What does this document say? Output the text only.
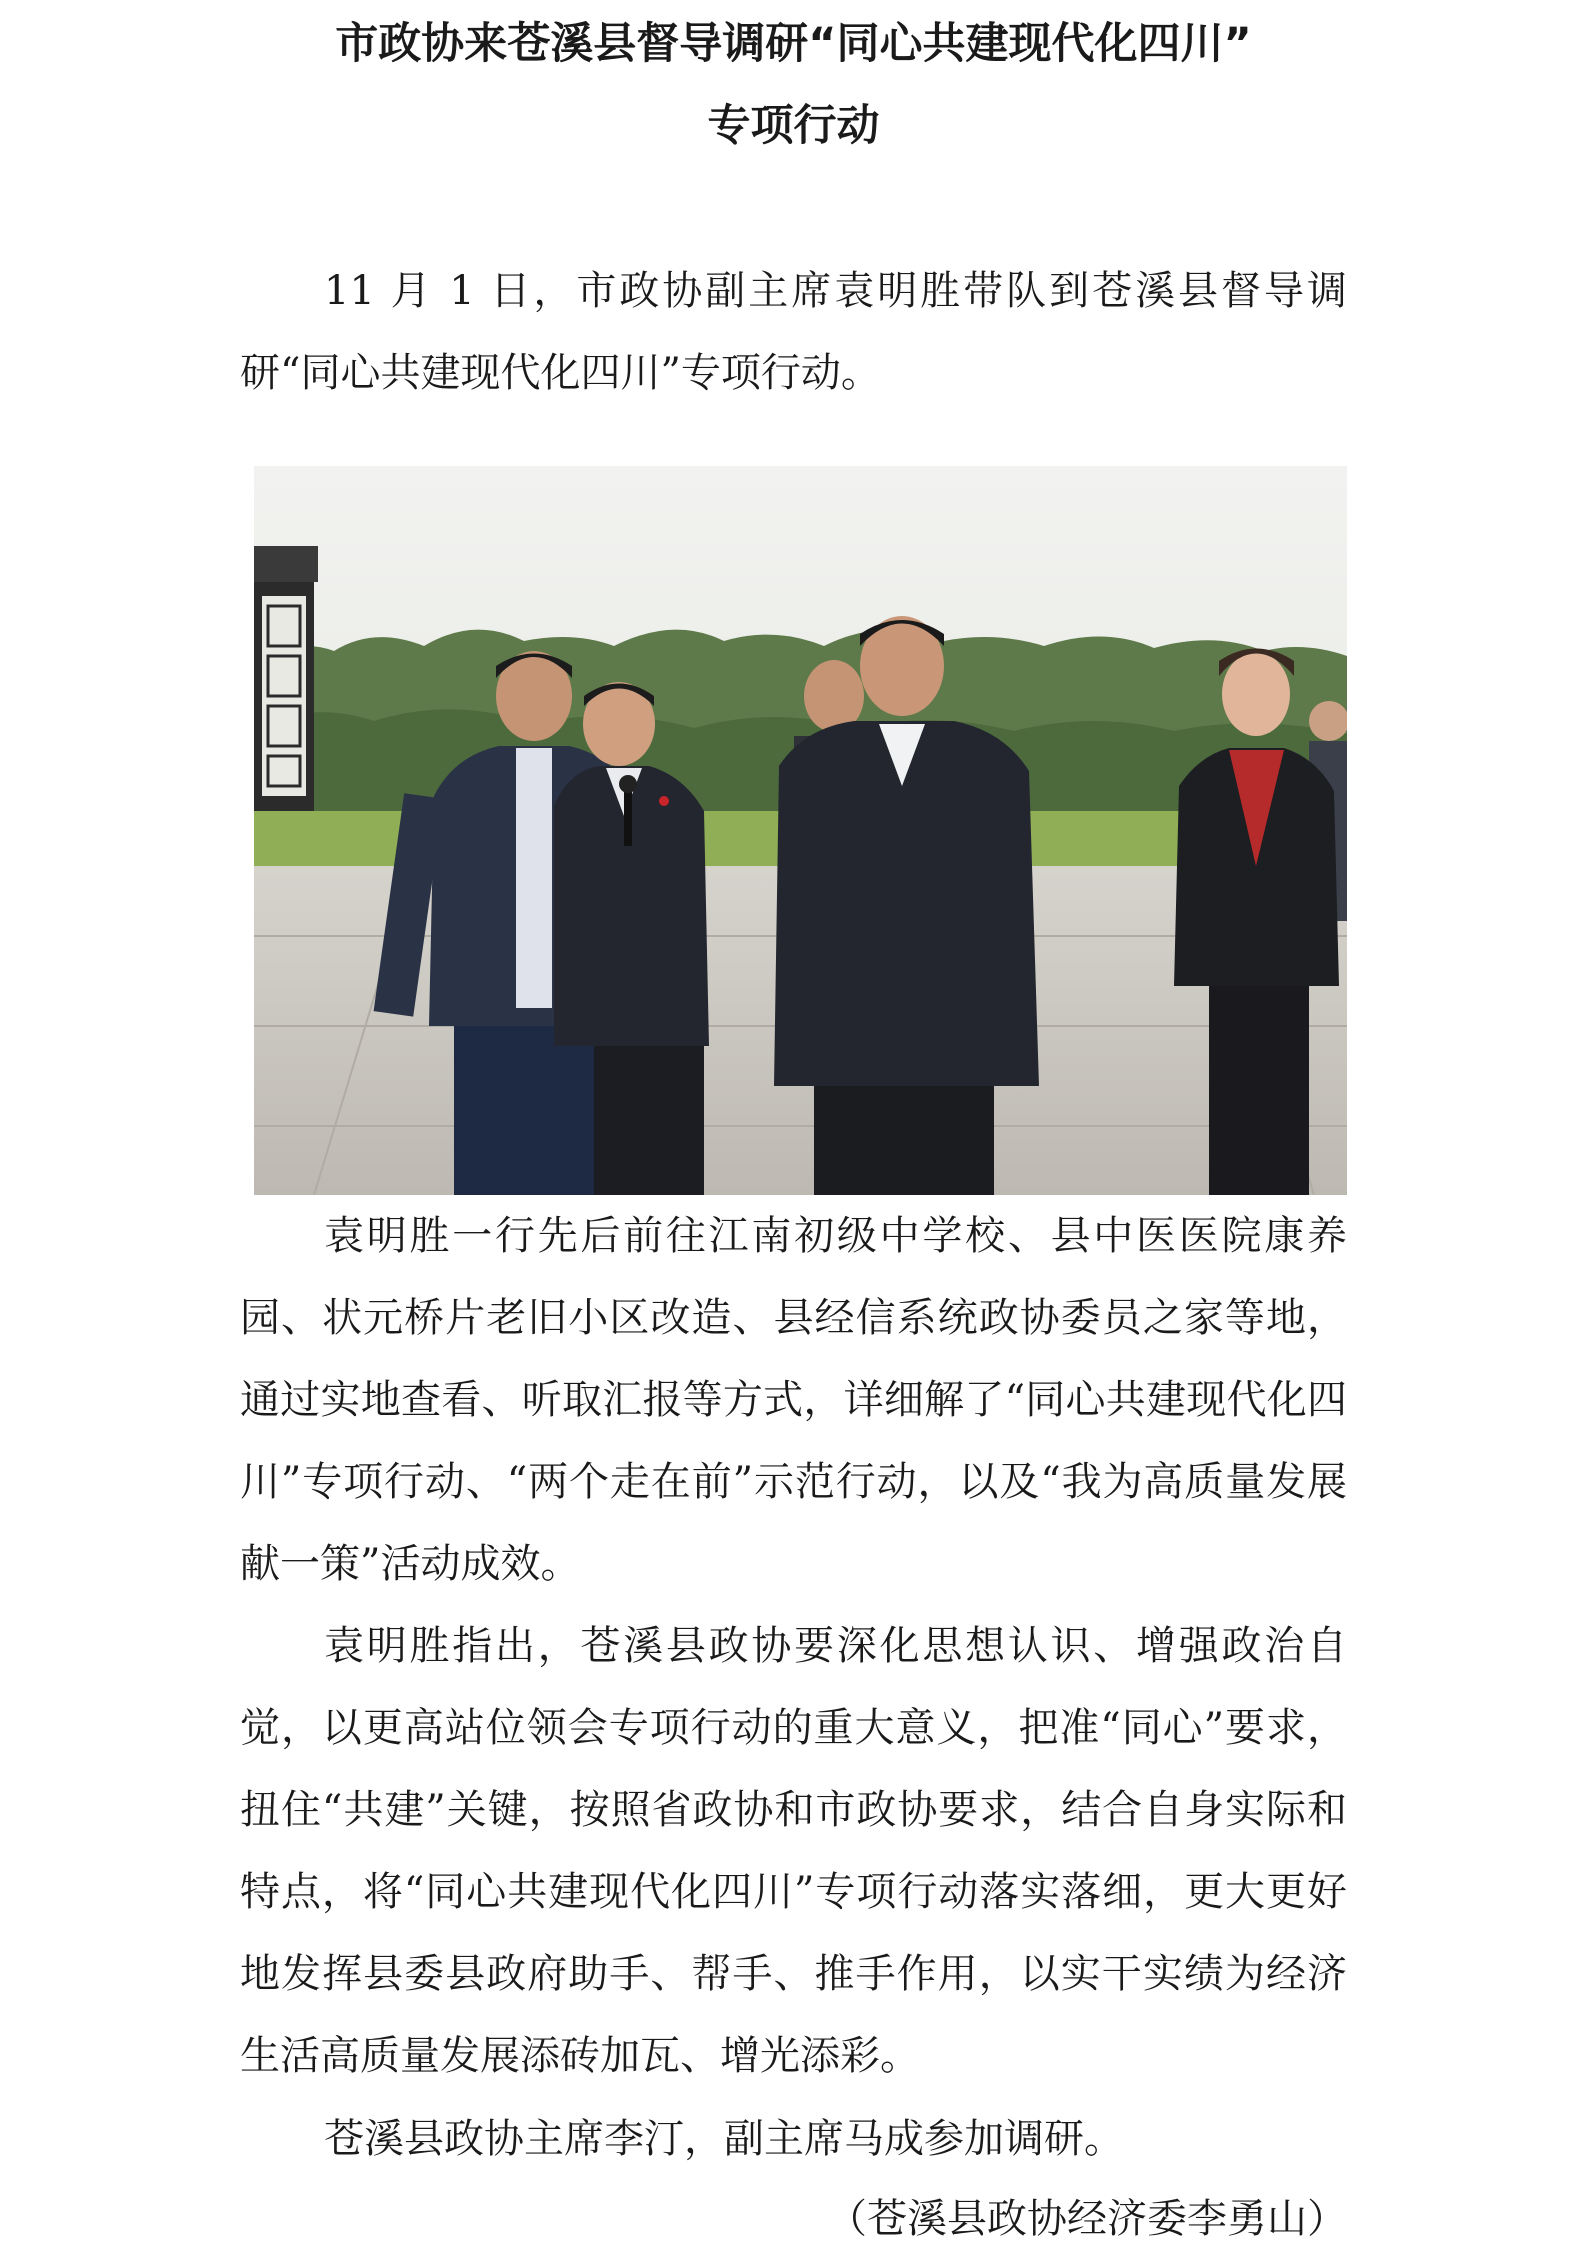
市政协来苍溪县督导调研“同心共建现代化四川”
专项行动

11 月 1 日，市政协副主席袁明胜带队到苍溪县督导调研“同心共建现代化四川”专项行动。

袁明胜一行先后前往江南初级中学校、县中医医院康养园、状元桥片老旧小区改造、县经信系统政协委员之家等地，通过实地查看、听取汇报等方式，详细解了“同心共建现代化四川”专项行动、“两个走在前”示范行动，以及“我为高质量发展献一策”活动成效。

袁明胜指出，苍溪县政协要深化思想认识、增强政治自觉，以更高站位领会专项行动的重大意义，把准“同心”要求，扭住“共建”关键，按照省政协和市政协要求，结合自身实际和特点，将“同心共建现代化四川”专项行动落实落细，更大更好地发挥县委县政府助手、帮手、推手作用，以实干实绩为经济生活高质量发展添砖加瓦、增光添彩。

苍溪县政协主席李汀，副主席马成参加调研。

（苍溪县政协经济委李勇山）
